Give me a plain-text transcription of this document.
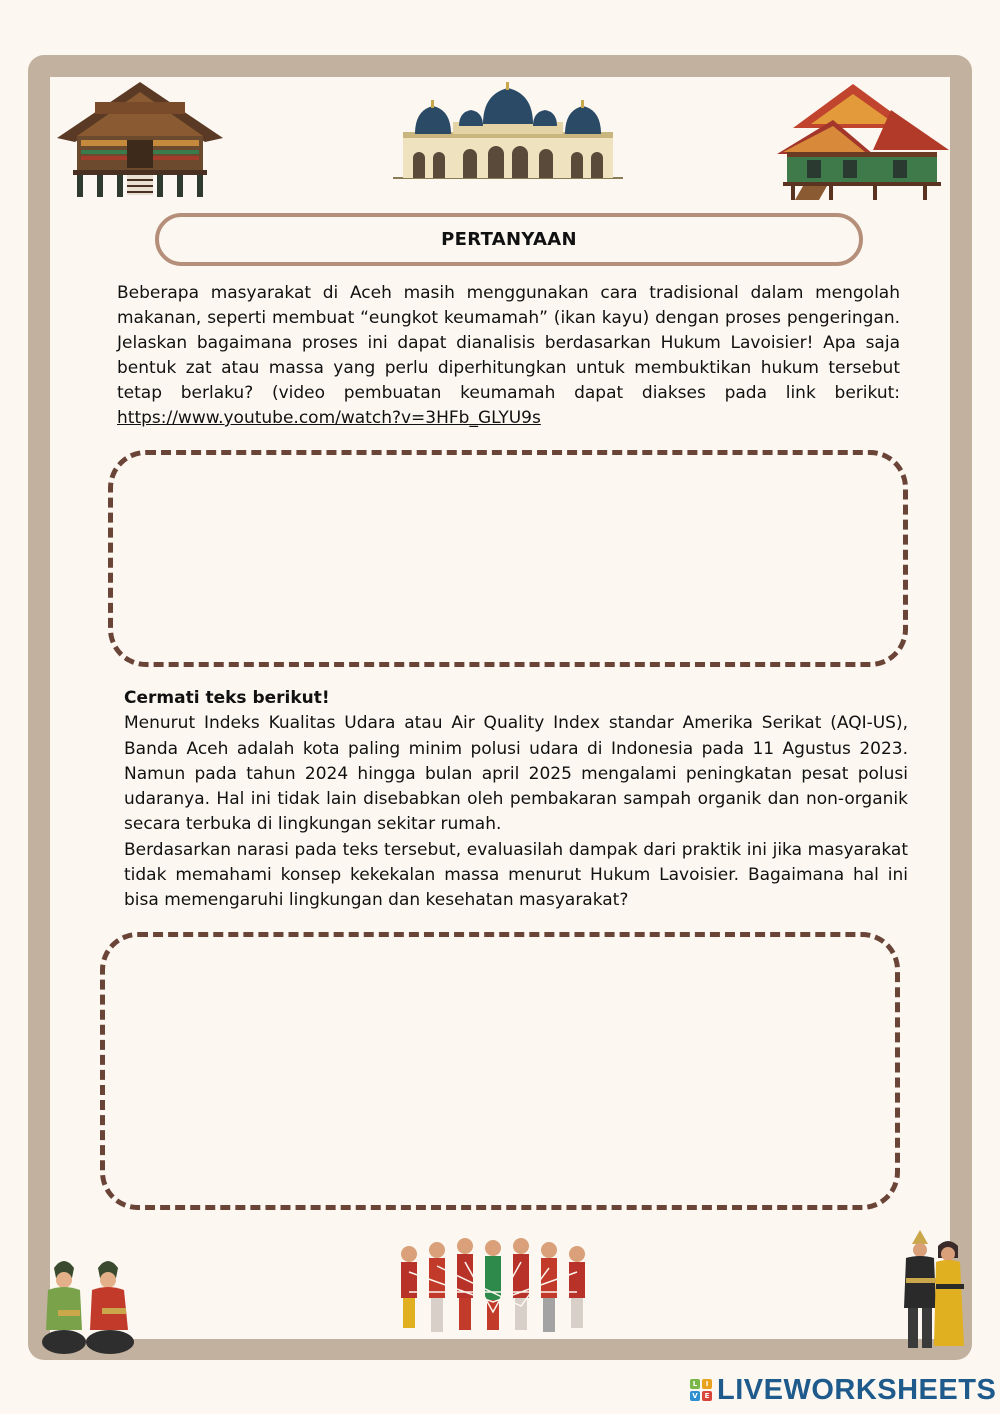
PERTANYAAN

Beberapa masyarakat di Aceh masih menggunakan cara tradisional dalam mengolah makanan, seperti membuat “eungkot keumamah” (ikan kayu) dengan proses pengeringan. Jelaskan bagaimana proses ini dapat dianalisis berdasarkan Hukum Lavoisier! Apa saja bentuk zat atau massa yang perlu diperhitungkan untuk membuktikan hukum tersebut tetap berlaku? (video pembuatan keumamah dapat diakses pada link berikut: https://www.youtube.com/watch?v=3HFb_GLYU9s

Cermati teks berikut!

Menurut Indeks Kualitas Udara atau Air Quality Index standar Amerika Serikat (AQI-US), Banda Aceh adalah kota paling minim polusi udara di Indonesia pada 11 Agustus 2023. Namun pada tahun 2024 hingga bulan april 2025 mengalami peningkatan pesat polusi udaranya. Hal ini tidak lain disebabkan oleh pembakaran sampah organik dan non-organik secara terbuka di lingkungan sekitar rumah.

Berdasarkan narasi pada teks tersebut, evaluasilah dampak dari praktik ini jika masyarakat tidak memahami konsep kekekalan massa menurut Hukum Lavoisier. Bagaimana hal ini bisa memengaruhi lingkungan dan kesehatan masyarakat?

L	I
V E LIVEWORKSHEETS
